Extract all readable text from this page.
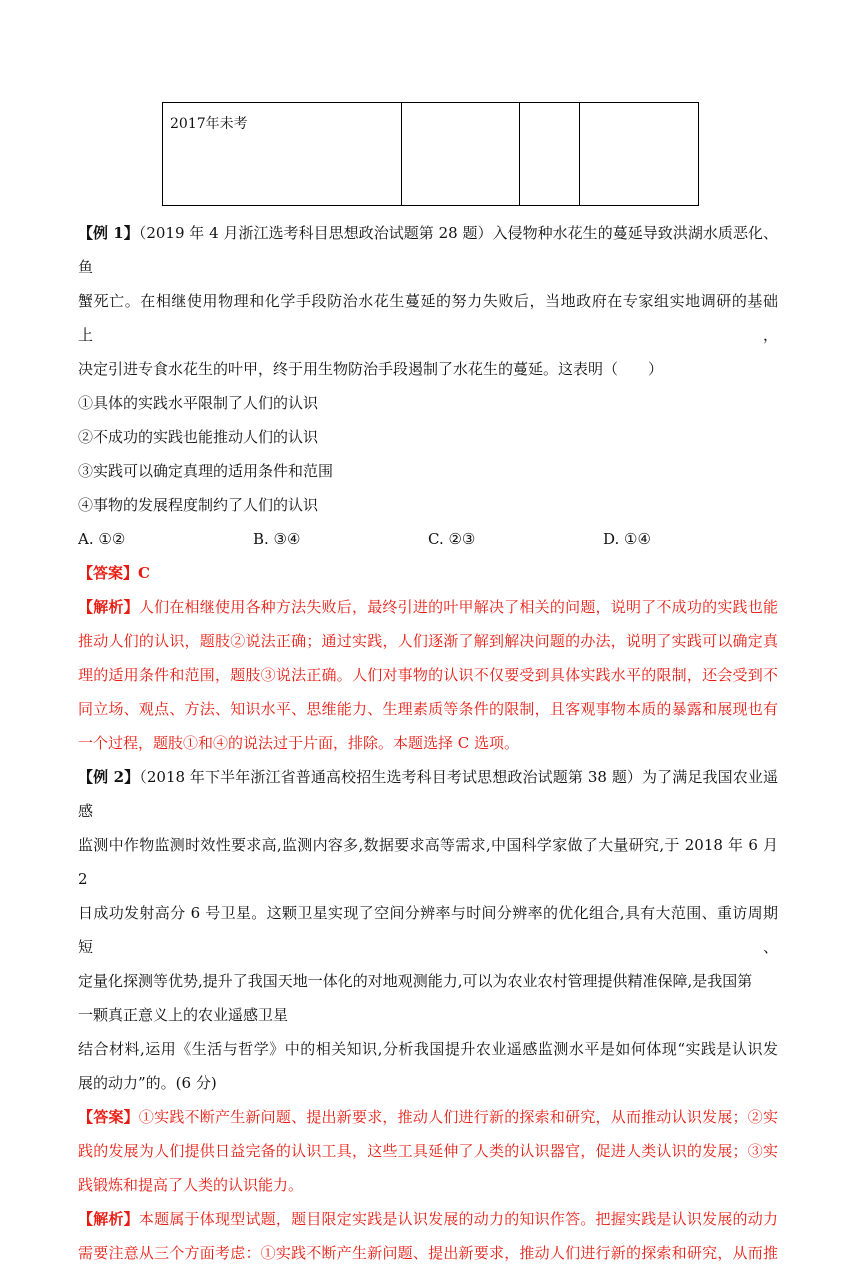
2017年未考

【例 1】（2019 年 4 月浙江选考科目思想政治试题第 28 题）入侵物种水花生的蔓延导致洪湖水质恶化、鱼

蟹死亡。在相继使用物理和化学手段防治水花生蔓延的努力失败后，当地政府在专家组实地调研的基础上，

决定引进专食水花生的叶甲，终于用生物防治手段遏制了水花生的蔓延。这表明（　　）

①具体的实践水平限制了人们的认识

②不成功的实践也能推动人们的认识

③实践可以确定真理的适用条件和范围

④事物的发展程度制约了人们的认识

A. ①②	B. ③④	C. ②③	D. ①④

【答案】C

【解析】人们在相继使用各种方法失败后，最终引进的叶甲解决了相关的问题，说明了不成功的实践也能

推动人们的认识，题肢②说法正确；通过实践，人们逐渐了解到解决问题的办法，说明了实践可以确定真

理的适用条件和范围，题肢③说法正确。人们对事物的认识不仅要受到具体实践水平的限制，还会受到不

同立场、观点、方法、知识水平、思维能力、生理素质等条件的限制，且客观事物本质的暴露和展现也有

一个过程，题肢①和④的说法过于片面，排除。本题选择 C 选项。

【例 2】（2018 年下半年浙江省普通高校招生选考科目考试思想政治试题第 38 题）为了满足我国农业遥感

监测中作物监测时效性要求高,监测内容多,数据要求高等需求,中国科学家做了大量研究,于 2018 年 6 月 2

日成功发射高分 6 号卫星。这颗卫星实现了空间分辨率与时间分辨率的优化组合,具有大范围、重访周期短、

定量化探测等优势,提升了我国天地一体化的对地观测能力,可以为农业农村管理提供精准保障,是我国第

一颗真正意义上的农业遥感卫星

结合材料,运用《生活与哲学》中的相关知识,分析我国提升农业遥感监测水平是如何体现“实践是认识发

展的动力”的。(6 分)

【答案】①实践不断产生新问题、提出新要求，推动人们进行新的探索和研究，从而推动认识发展；②实

践的发展为人们提供日益完备的认识工具，这些工具延伸了人类的认识器官，促进人类认识的发展；③实

践锻炼和提高了人类的认识能力。

【解析】本题属于体现型试题，题目限定实践是认识发展的动力的知识作答。把握实践是认识发展的动力

需要注意从三个方面考虑：①实践不断产生新问题、提出新要求，推动人们进行新的探索和研究，从而推
